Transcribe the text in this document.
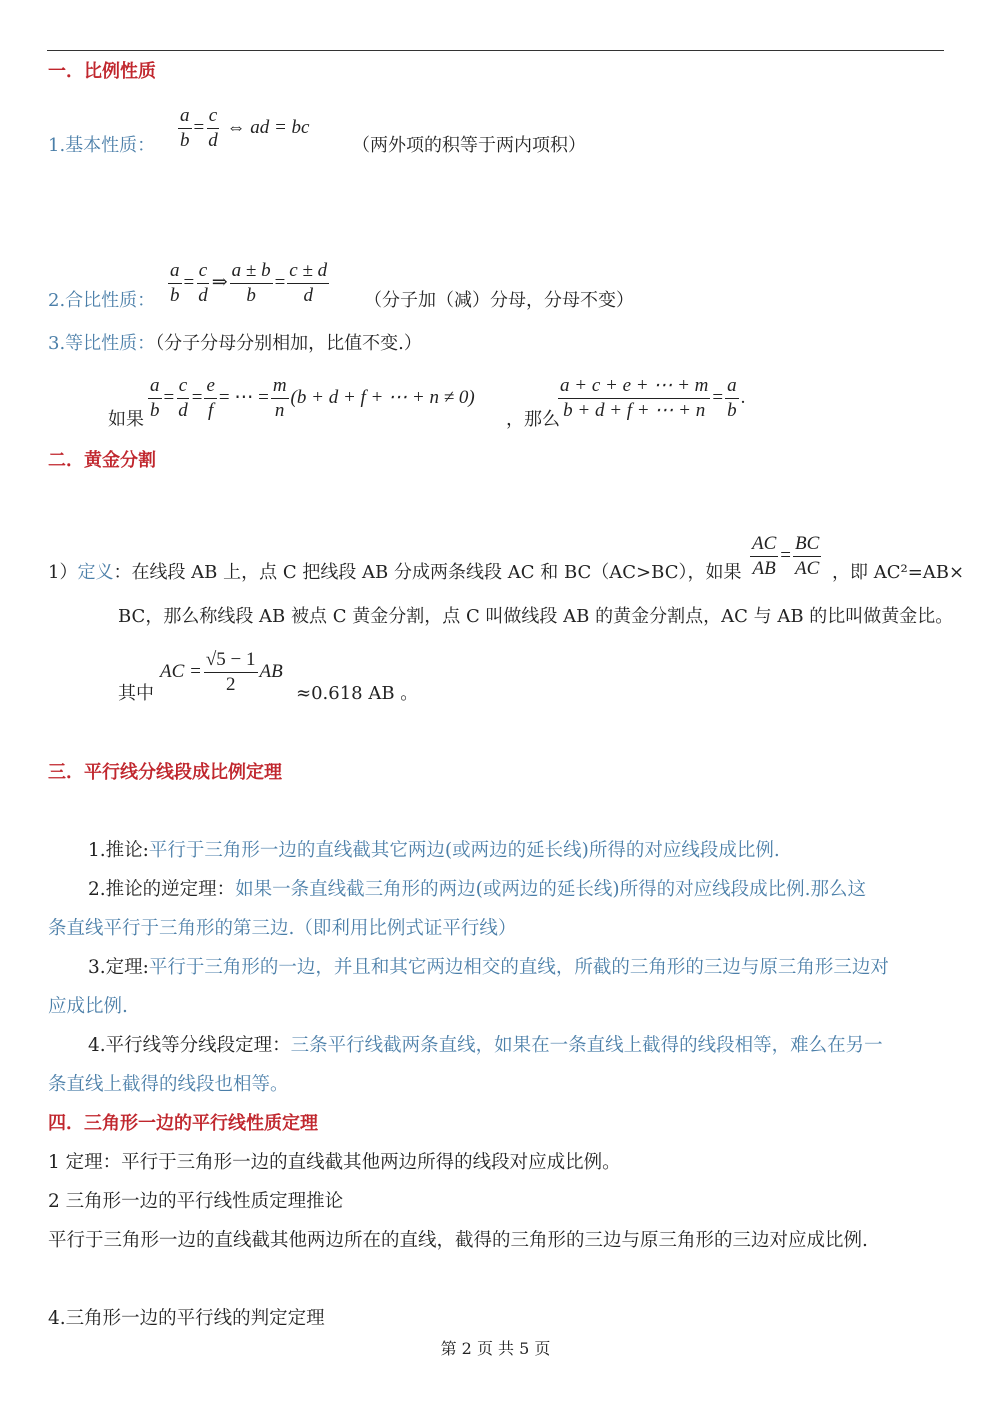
一．比例性质
1.基本性质： $\frac{a}{b} = \frac{c}{d}$ ⇔ ad = bc
（两外项的积等于两内项积）
2.合比性质： $\frac{a}{b} = \frac{c}{d}$ ⇒ $\frac{a \pm b}{b} = \frac{c \pm d}{d}$ （分子加（减）分母，分母不变）
3.等比性质：（分子分母分别相加，比值不变.）
如果 $\frac{a}{b} = \frac{c}{d} = \frac{e}{f}$ = ⋯ = $\frac{m}{n} (b + d + f$ + ⋯ + n ≠ 0)
，那么
$\frac{a + c + e + \cdots + m}{b + d + f + \cdots + n} = \frac{a}{b}$ .
二．黄金分割
1）定义：在线段 AB 上，点 C 把线段 AB 分成两条线段 AC 和 BC（AC>BC），如果 $\frac{AC}{AB} = \frac{BC}{AC}$ ，即 AC²=AB×
BC，那么称线段 AB 被点 C 黄金分割，点 C 叫做线段 AB 的黄金分割点，AC 与 AB 的比叫做黄金比。
其中
AC = $\frac{√5 - 1}{2}$ AB
≈0.618 AB 。
三．平行线分线段成比例定理
1.推论:平行于三角形一边的直线截其它两边(或两边的延长线)所得的对应线段成比例.
2.推论的逆定理：如果一条直线截三角形的两边(或两边的延长线)所得的对应线段成比例.那么这
条直线平行于三角形的第三边.（即利用比例式证平行线）
3.定理:平行于三角形的一边，并且和其它两边相交的直线，所截的三角形的三边与原三角形三边对
应成比例.
4.平行线等分线段定理：三条平行线截两条直线，如果在一条直线上截得的线段相等，难么在另一
条直线上截得的线段也相等。
四．三角形一边的平行线性质定理
1 定理：平行于三角形一边的直线截其他两边所得的线段对应成比例。
2 三角形一边的平行线性质定理推论
平行于三角形一边的直线截其他两边所在的直线，截得的三角形的三边与原三角形的三边对应成比例.
4.三角形一边的平行线的判定定理
第 2 页 共 5 页
